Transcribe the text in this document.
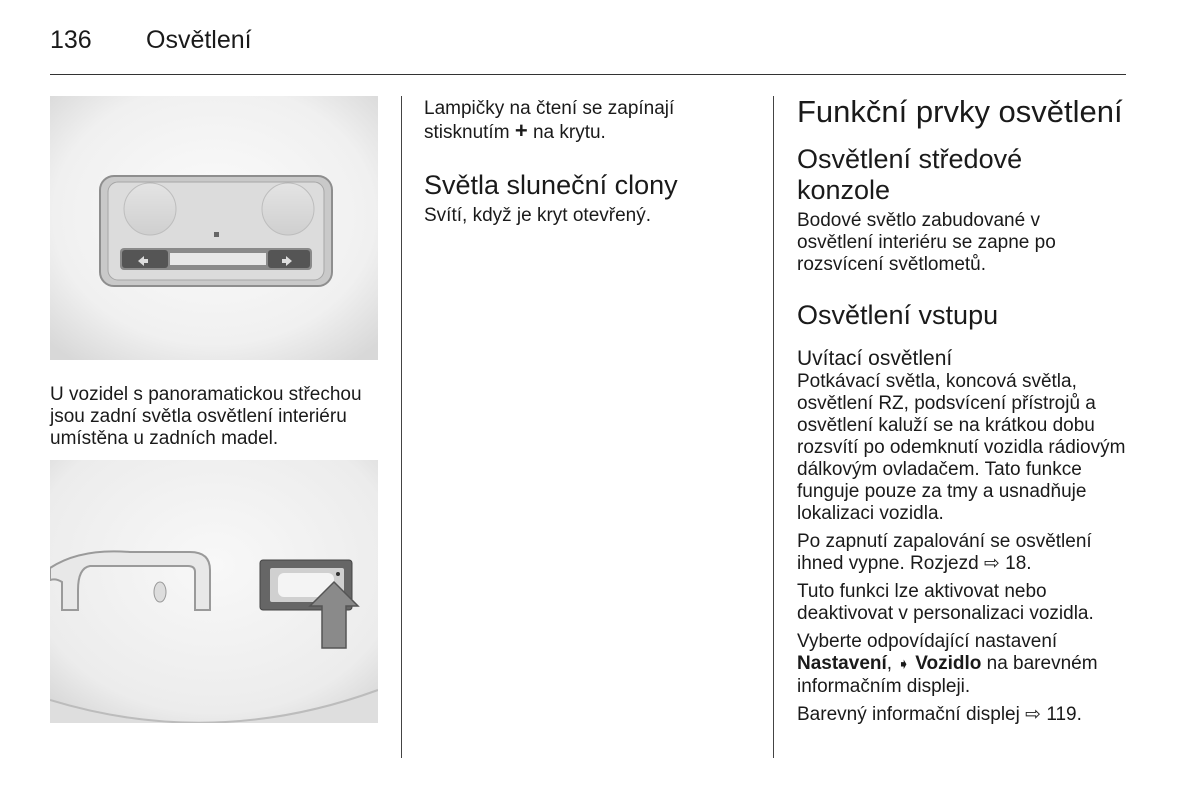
136 Osvětlení

U vozidel s panoramatickou střechou jsou zadní světla osvětlení interiéru umístěna u zadních madel.

Lampičky na čtení se zapínají
stisknutím + na krytu.

Světla sluneční clony

Svítí, když je kryt otevřený.

Funkční prvky osvětlení
Osvětlení středové konzole

Bodové světlo zabudované v osvětlení interiéru se zapne po rozsvícení světlometů.

Osvětlení vstupu
Uvítací osvětlení

Potkávací světla, koncová světla, osvětlení RZ, podsvícení přístrojů a osvětlení kaluží se na krátkou dobu rozsvítí po odemknutí vozidla rádiovým dálkovým ovladačem. Tato funkce funguje pouze za tmy a usnadňuje lokalizaci vozidla.

Po zapnutí zapalování se osvětlení ihned vypne. Rozjezd ⇨ 18.

Tuto funkci lze aktivovat nebo deaktivovat v personalizaci vozidla.

Vyberte odpovídající nastavení Nastavení, ➧ Vozidlo na barevném informačním displeji.

Barevný informační displej ⇨ 119.
